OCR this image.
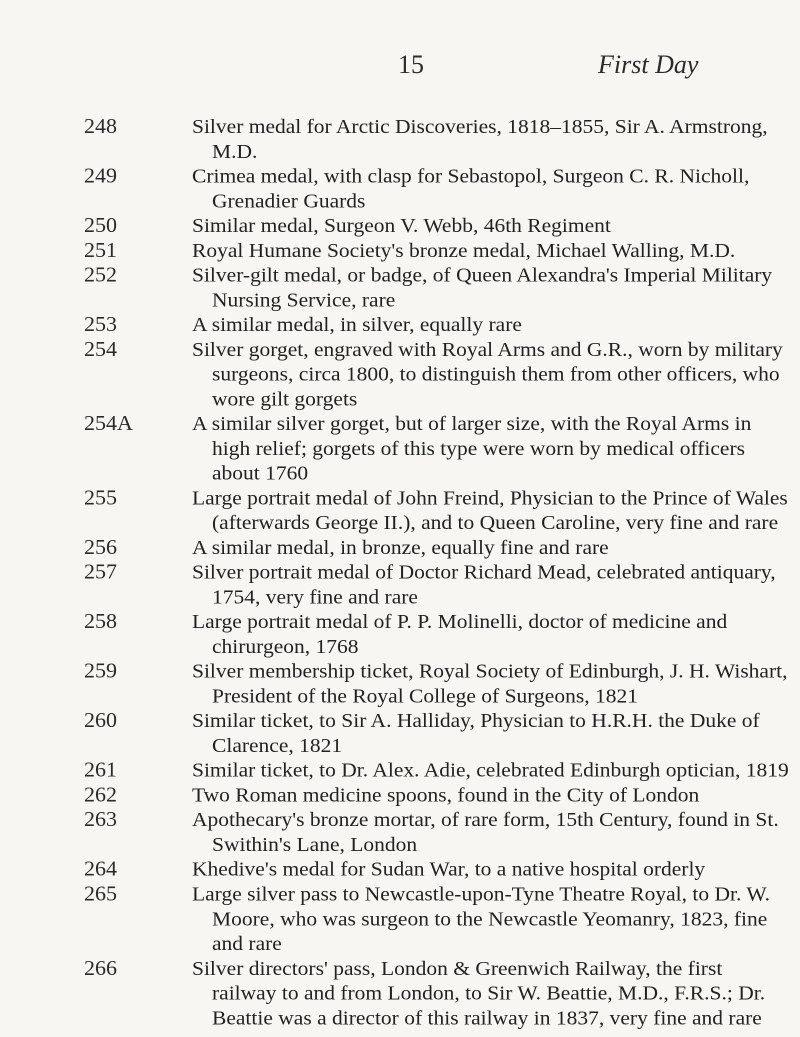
15	First Day
248	Silver medal for Arctic Discoveries, 1818–1855, Sir A. Armstrong, M.D.
249	Crimea medal, with clasp for Sebastopol, Surgeon C. R. Nicholl, Grenadier Guards
250	Similar medal, Surgeon V. Webb, 46th Regiment
251	Royal Humane Society's bronze medal, Michael Walling, M.D.
252	Silver-gilt medal, or badge, of Queen Alexandra's Imperial Military Nursing Service, rare
253	A similar medal, in silver, equally rare
254	Silver gorget, engraved with Royal Arms and G.R., worn by military surgeons, circa 1800, to distinguish them from other officers, who wore gilt gorgets
254A	A similar silver gorget, but of larger size, with the Royal Arms in high relief; gorgets of this type were worn by medical officers about 1760
255	Large portrait medal of John Freind, Physician to the Prince of Wales (afterwards George II.), and to Queen Caroline, very fine and rare
256	A similar medal, in bronze, equally fine and rare
257	Silver portrait medal of Doctor Richard Mead, celebrated antiquary, 1754, very fine and rare
258	Large portrait medal of P. P. Molinelli, doctor of medicine and chirurgeon, 1768
259	Silver membership ticket, Royal Society of Edinburgh, J. H. Wishart, President of the Royal College of Surgeons, 1821
260	Similar ticket, to Sir A. Halliday, Physician to H.R.H. the Duke of Clarence, 1821
261	Similar ticket, to Dr. Alex. Adie, celebrated Edinburgh optician, 1819
262	Two Roman medicine spoons, found in the City of London
263	Apothecary's bronze mortar, of rare form, 15th Century, found in St. Swithin's Lane, London
264	Khedive's medal for Sudan War, to a native hospital orderly
265	Large silver pass to Newcastle-upon-Tyne Theatre Royal, to Dr. W. Moore, who was surgeon to the Newcastle Yeomanry, 1823, fine and rare
266	Silver directors' pass, London & Greenwich Railway, the first railway to and from London, to Sir W. Beattie, M.D., F.R.S.; Dr. Beattie was a director of this railway in 1837, very fine and rare
